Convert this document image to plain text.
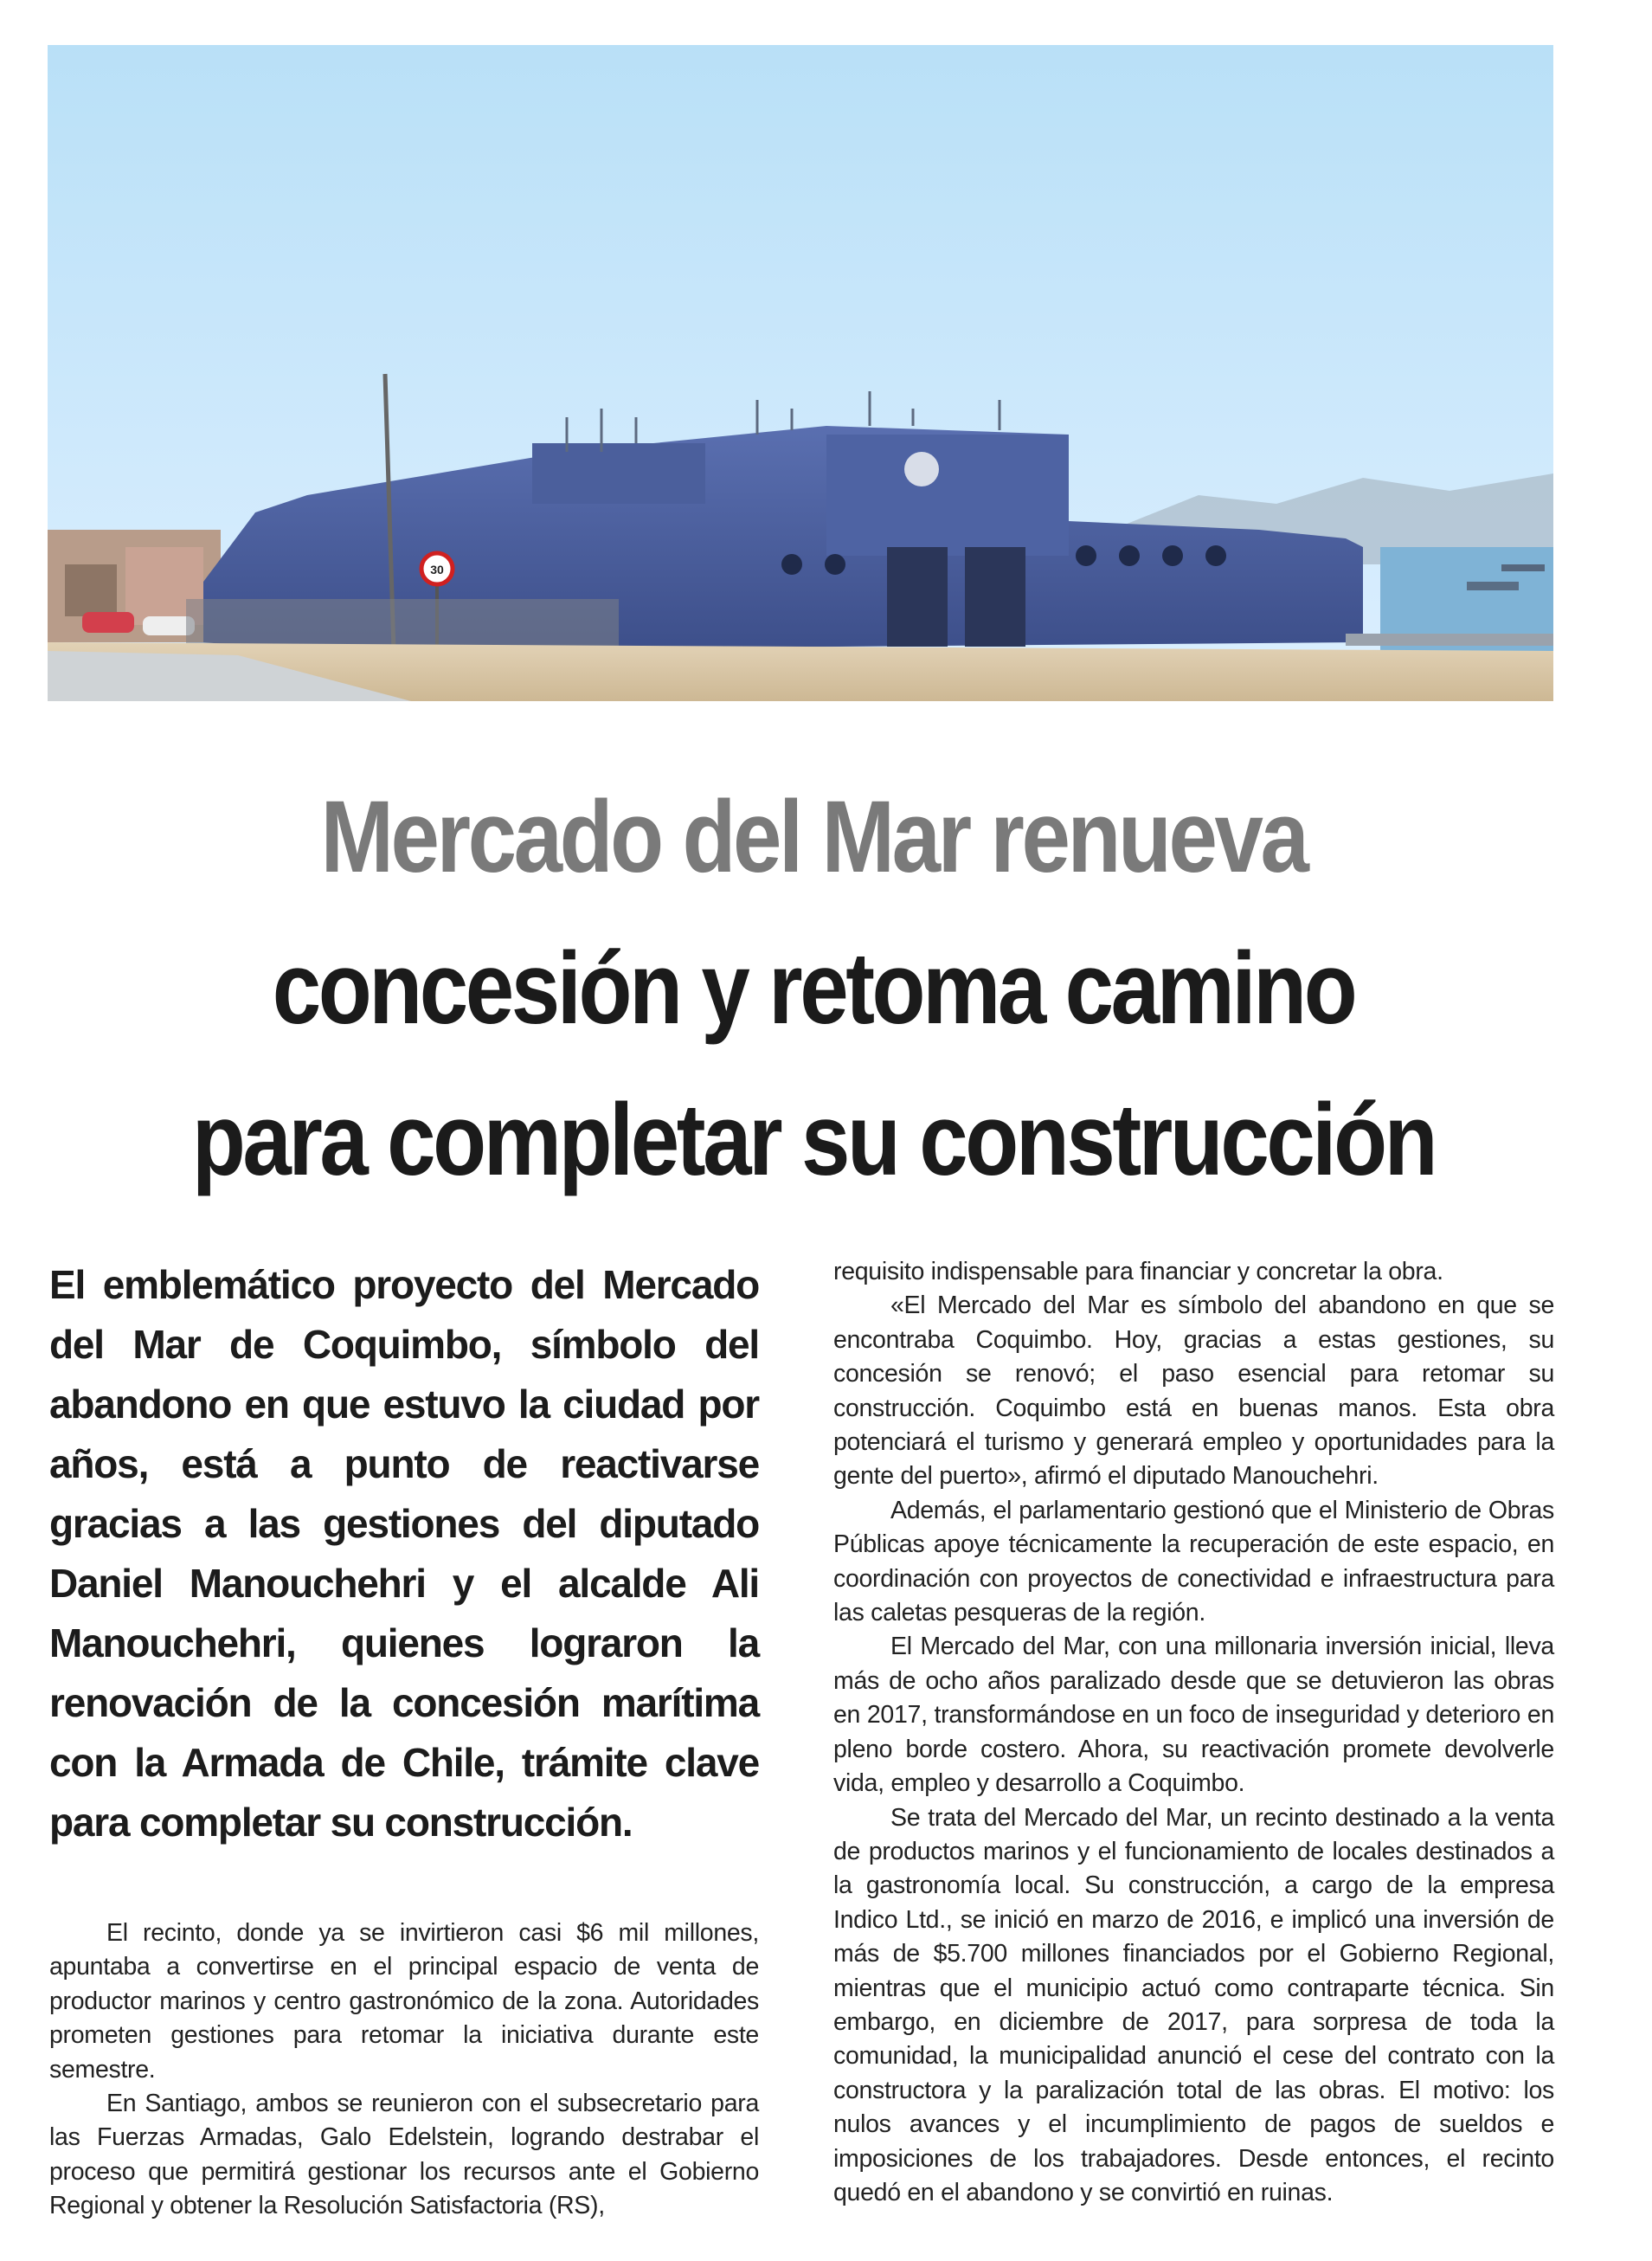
30
Mercado del Mar renueva
concesión y retoma camino
para completar su construcción

El emblemático proyecto del Mercado del Mar de Coquimbo, símbolo del abandono en que estuvo la ciudad por años, está a punto de reactivarse gracias a las gestiones del diputado Daniel Manouchehri y el alcalde Ali Manouchehri, quienes lograron la renovación de la concesión marítima con la Armada de Chile, trámite clave para completar su construcción.

El recinto, donde ya se invirtieron casi $6 mil millones, apuntaba a convertirse en el principal espacio de venta de productor marinos y centro gastronómico de la zona. Autoridades prometen gestiones para retomar la iniciativa durante este semestre.

En Santiago, ambos se reunieron con el subsecretario para las Fuerzas Armadas, Galo Edelstein, logrando destrabar el proceso que permitirá gestionar los recursos ante el Gobierno Regional y obtener la Resolución Satisfactoria (RS),

requisito indispensable para financiar y concretar la obra.

«El Mercado del Mar es símbolo del abandono en que se encontraba Coquimbo. Hoy, gracias a estas gestiones, su concesión se renovó; el paso esencial para retomar su construcción. Coquimbo está en buenas manos. Esta obra potenciará el turismo y generará empleo y oportunidades para la gente del puerto», afirmó el diputado Manouchehri.

Además, el parlamentario gestionó que el Ministerio de Obras Públicas apoye técnicamente la recuperación de este espacio, en coordinación con proyectos de conectividad e infraestructura para las caletas pesqueras de la región.

El Mercado del Mar, con una millonaria inversión inicial, lleva más de ocho años paralizado desde que se detuvieron las obras en 2017, transformándose en un foco de inseguridad y deterioro en pleno borde costero. Ahora, su reactivación promete devolverle vida, empleo y desarrollo a Coquimbo.

Se trata del Mercado del Mar, un recinto destinado a la venta de productos marinos y el funcionamiento de locales destinados a la gastronomía local. Su construcción, a cargo de la empresa Indico Ltd., se inició en marzo de 2016, e implicó una inversión de más de $5.700 millones financiados por el Gobierno Regional, mientras que el municipio actuó como contraparte técnica. Sin embargo, en diciembre de 2017, para sorpresa de toda la comunidad, la municipalidad anunció el cese del contrato con la constructora y la paralización total de las obras. El motivo: los nulos avances y el incumplimiento de pagos de sueldos e imposiciones de los trabajadores. Desde entonces, el recinto quedó en el abandono y se convirtió en ruinas.
